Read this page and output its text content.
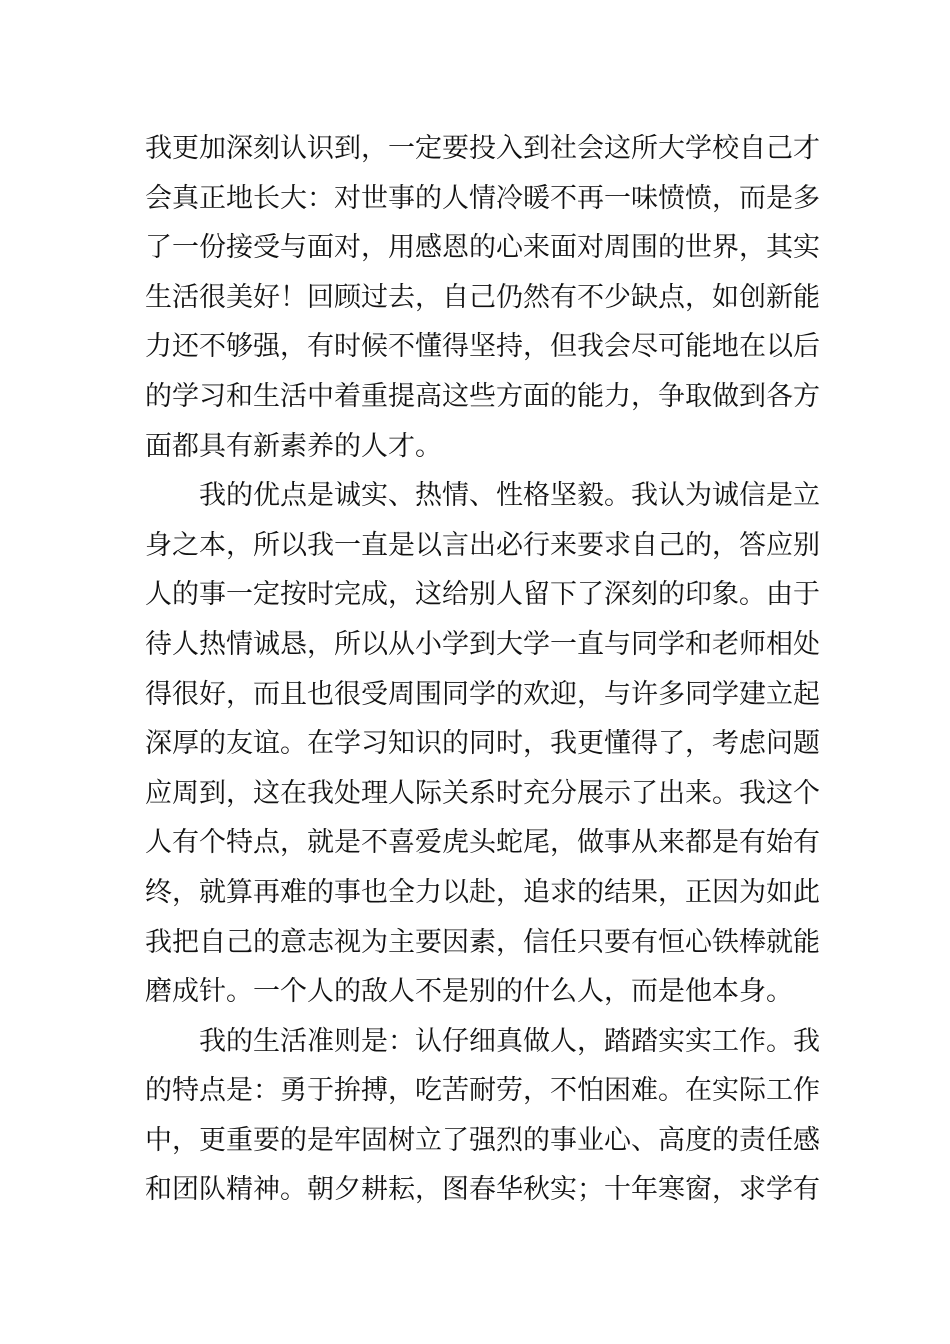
我更加深刻认识到，一定要投入到社会这所大学校自己才
会真正地长大：对世事的人情冷暖不再一味愤愤，而是多
了一份接受与面对，用感恩的心来面对周围的世界，其实
生活很美好！回顾过去，自己仍然有不少缺点，如创新能
力还不够强，有时候不懂得坚持，但我会尽可能地在以后
的学习和生活中着重提高这些方面的能力，争取做到各方
面都具有新素养的人才。
我的优点是诚实、热情、性格坚毅。我认为诚信是立
身之本，所以我一直是以言出必行来要求自己的，答应别
人的事一定按时完成，这给别人留下了深刻的印象。由于
待人热情诚恳，所以从小学到大学一直与同学和老师相处
得很好，而且也很受周围同学的欢迎，与许多同学建立起
深厚的友谊。在学习知识的同时，我更懂得了，考虑问题
应周到，这在我处理人际关系时充分展示了出来。我这个
人有个特点，就是不喜爱虎头蛇尾，做事从来都是有始有
终，就算再难的事也全力以赴，追求的结果，正因为如此
我把自己的意志视为主要因素，信任只要有恒心铁棒就能
磨成针。一个人的敌人不是别的什么人，而是他本身。
我的生活准则是：认仔细真做人，踏踏实实工作。我
的特点是：勇于拚搏，吃苦耐劳，不怕困难。在实际工作
中，更重要的是牢固树立了强烈的事业心、高度的责任感
和团队精神。朝夕耕耘，图春华秋实；十年寒窗，求学有
